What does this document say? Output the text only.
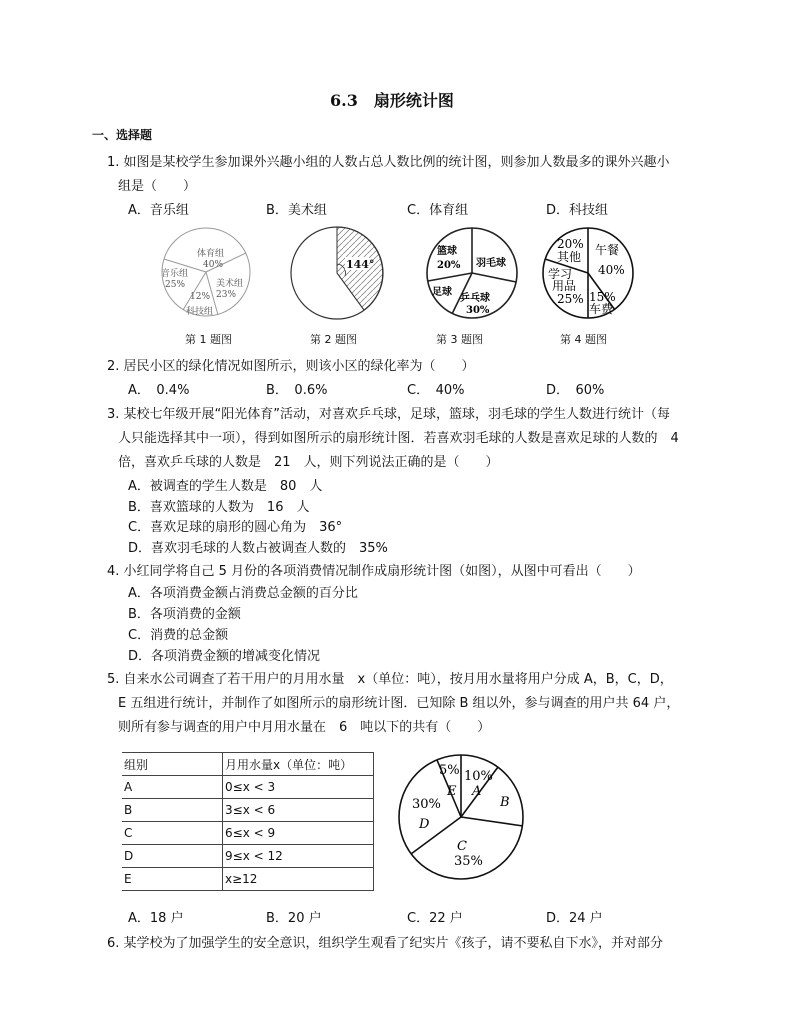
6.3　扇形统计图
一、选择题
1. 如图是某校学生参加课外兴趣小组的人数占总人数比例的统计图，则参加人数最多的课外兴趣小
组是（　　）
A．音乐组	B．美术组	C．体育组	D．科技组
体育组
40%
音乐组
25%	美术组
23%
12%
科技组
144°
篮球
20% 羽毛球
足球
乒乓球
30%
20%
其他 午餐
40%
学习
用品
25% 15%
车费
第 1 题图	第 2 题图	第 3 题图	第 4 题图
2. 居民小区的绿化情况如图所示，则该小区的绿化率为（　　）
A．　0.4%	B．　0.6%	C．　40%	D．　60%
3. 某校七年级开展“阳光体育”活动，对喜欢乒乓球，足球，篮球，羽毛球的学生人数进行统计（每
人只能选择其中一项），得到如图所示的扇形统计图．若喜欢羽毛球的人数是喜欢足球的人数的　4
倍，喜欢乒乓球的人数是　21　人，则下列说法正确的是（　　）
A．被调查的学生人数是　80　人
B．喜欢篮球的人数为　16　人
C．喜欢足球的扇形的圆心角为　36°
D．喜欢羽毛球的人数占被调查人数的　35%
4. 小红同学将自己 5 月份的各项消费情况制作成扇形统计图（如图），从图中可看出（　　）
A．各项消费金额占消费总金额的百分比
B．各项消费的金额
C．消费的总金额
D．各项消费金额的增减变化情况
5. 自来水公司调查了若干用户的月用水量　x（单位：吨），按月用水量将用户分成 A，B，C，D，
E 五组进行统计，并制作了如图所示的扇形统计图．已知除 B 组以外，参与调查的用户共 64 户，
则所有参与调查的用户中月用水量在　6　吨以下的共有（　　）
组别	月用水量x（单位：吨）
A	0≤x < 3
B	3≤x < 6
C	6≤x < 9
D	9≤x < 12
E	x≥12
5%
E
10%
A
B
30%
D
C
35%
A．18 户	B．20 户	C．22 户	D．24 户
6. 某学校为了加强学生的安全意识，组织学生观看了纪实片《孩子，请不要私自下水》，并对部分
